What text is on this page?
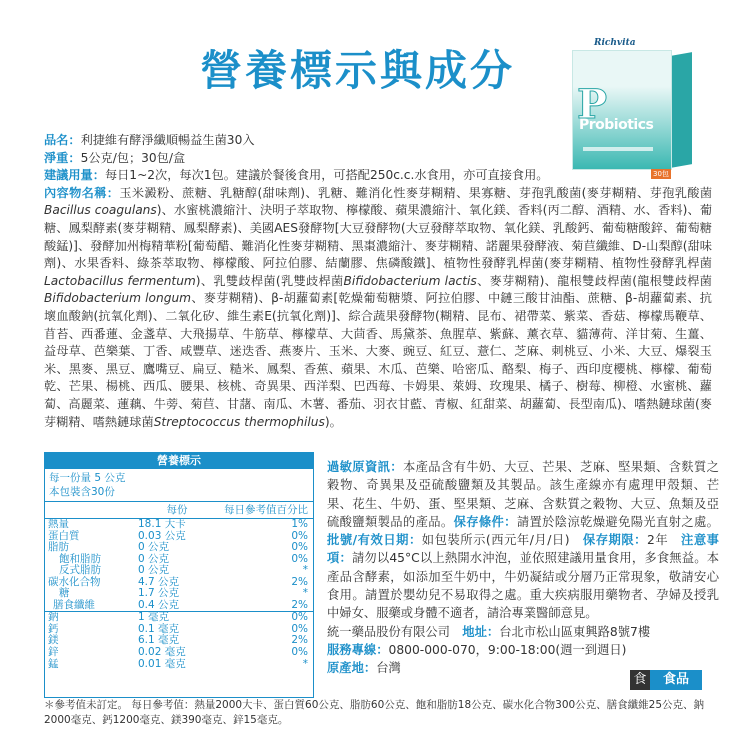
營養標示與成分
P
Probiotics
30包
Richvita
品名：利捷維有酵淨纖順暢益生菌30入
淨重：5公克/包；30包/盒
建議用量：每日1~2次，每次1包。建議於餐後食用，可搭配250c.c.水食用，亦可直接食用。
內容物名稱：玉米澱粉、蔗糖、乳糖醇(甜味劑)、乳糖、難消化性麥芽糊精、果寡糖、芽孢乳酸菌(麥芽糊精、芽孢乳酸菌Bacillus coagulans)、水蜜桃濃縮汁、決明子萃取物、檸檬酸、蘋果濃縮汁、氧化鎂、香料(丙二醇、酒精、水、香料)、葡糖、鳳梨酵素(麥芽糊精、鳳梨酵素)、美國AES發酵物[大豆發酵物(大豆發酵萃取物、氧化鎂、乳酸鈣、葡萄糖酸鋅、葡萄糖酸錳)]、發酵加州梅精華粉[葡萄醋、難消化性麥芽糊精、黑棗濃縮汁、麥芽糊精、諾麗果發酵液、菊苣纖維、D-山梨醇(甜味劑)、水果香料、綠茶萃取物、檸檬酸、阿拉伯膠、結蘭膠、焦磷酸鐵]、植物性發酵乳桿菌(麥芽糊精、植物性發酵乳桿菌Lactobacillus fermentum)、乳雙歧桿菌(乳雙歧桿菌Bifidobacterium lactis、麥芽糊精)、龍根雙歧桿菌(龍根雙歧桿菌Bifidobacterium longum、麥芽糊精)、β-胡蘿蔔素[乾燥葡萄糖漿、阿拉伯膠、中鏈三酸甘油酯、蔗糖、β-胡蘿蔔素、抗壞血酸鈉(抗氧化劑)、二氧化矽、維生素E(抗氧化劑)]、綜合蔬果發酵物(糊精、昆布、裙帶菜、紫菜、香菇、檸檬馬鞭草、苜苔、西番蓮、金盞草、大飛揚草、牛筋草、檸檬草、大茴香、馬黛茶、魚腥草、紫蘇、薰衣草、貓薄荷、洋甘菊、生薑、益母草、芭樂葉、丁香、咸豐草、迷迭香、燕麥片、玉米、大麥、豌豆、紅豆、薏仁、芝麻、刺桃豆、小米、大豆、爆裂玉米、黑麥、黑豆、鷹嘴豆、扁豆、糙米、鳳梨、香蕉、蘋果、木瓜、芭樂、哈密瓜、酪梨、梅子、西印度櫻桃、檸檬、葡萄乾、芒果、楊桃、西瓜、腰果、核桃、奇異果、西洋梨、巴西莓、卡姆果、萊姆、玫瑰果、橘子、樹莓、柳橙、水蜜桃、蘿蔔、高麗菜、蓮藕、牛蒡、菊苣、甘藷、南瓜、木薯、番茄、羽衣甘藍、青椒、紅甜菜、胡蘿蔔、長型南瓜)、嗜熱鏈球菌(麥芽糊精、嗜熱鏈球菌Streptococcus thermophilus)。
營養標示
每一份量 5 公克
本包裝含30份
每份	每日參考值百分比
熱量	18.1 大卡	1%
蛋白質	0.03 公克	0%
脂肪	0 公克	0%
飽和脂肪	0 公克	0%
反式脂肪	0 公克	*
碳水化合物	4.7 公克	2%
糖	1.7 公克	*
膳食纖維	0.4 公克	2%
鈉	1 毫克	0%
鈣	0.1 毫克	0%
鎂	6.1 毫克	2%
鋅	0.02 毫克	0%
錳	0.01 毫克	*
過敏原資訊：本產品含有牛奶、大豆、芒果、芝麻、堅果類、含麩質之穀物、奇異果及亞硫酸鹽類及其製品。該生產線亦有處理甲殼類、芒果、花生、牛奶、蛋、堅果類、芝麻、含麩質之穀物、大豆、魚類及亞硫酸鹽類製品的產品。保存條件：請置於陰涼乾燥避免陽光直射之處。批號/有效日期：如包裝所示(西元年/月/日)　 保存期限：2年　 注意事項：請勿以45°C以上熱開水沖泡，並依照建議用量食用，多食無益。本產品含酵素，如添加至牛奶中，牛奶凝結或分層乃正常現象，敬請安心食用。請置於嬰幼兒不易取得之處。重大疾病服用藥物者、孕婦及授乳中婦女、服藥或身體不適者，請洽專業醫師意見。
統一藥品股份有限公司　 地址：台北市松山區東興路8號7樓
服務專線：0800-000-070，9:00-18:00(週一到週日)
原產地：台灣
食	食品
＊參考值未訂定。 每日參考值：熱量2000大卡、蛋白質60公克、脂肪60公克、飽和脂肪18公克、碳水化合物300公克、膳食纖維25公克、鈉2000毫克、鈣1200毫克、鎂390毫克、鋅15毫克。
